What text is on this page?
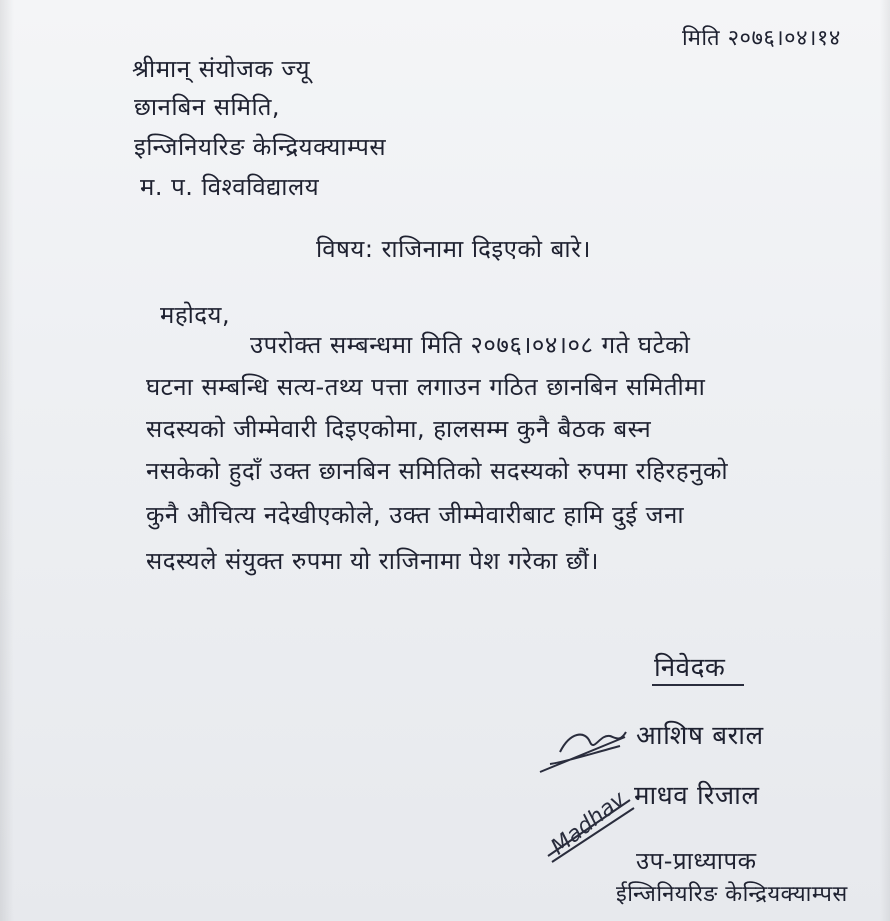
मिति २०७६।०४।१४
श्रीमान् संयोजक ज्यू
छानबिन समिति,
इन्जिनियरिङ केन्द्रियक्याम्पस
म. प. विश्वविद्यालय
विषय: राजिनामा दिइएको बारे।
महोदय,
उपरोक्त सम्बन्धमा मिति २०७६।०४।०८ गते घटेको
घटना सम्बन्धि सत्य-तथ्य पत्ता लगाउन गठित छानबिन समितीमा
सदस्यको जीम्मेवारी दिइएकोमा, हालसम्म कुनै बैठक बस्न
नसकेको हुदाँ उक्त छानबिन समितिको सदस्यको रुपमा रहिरहनुको
कुनै औचित्य नदेखीएकोले, उक्त जीम्मेवारीबाट हामि दुई जना
सदस्यले संयुक्त रुपमा यो राजिनामा पेश गरेका छौं।
निवेदक
आशिष बराल
Madhav माधव रिजाल
उप-प्राध्यापक
ईन्जिनियरिङ केन्द्रियक्याम्पस
